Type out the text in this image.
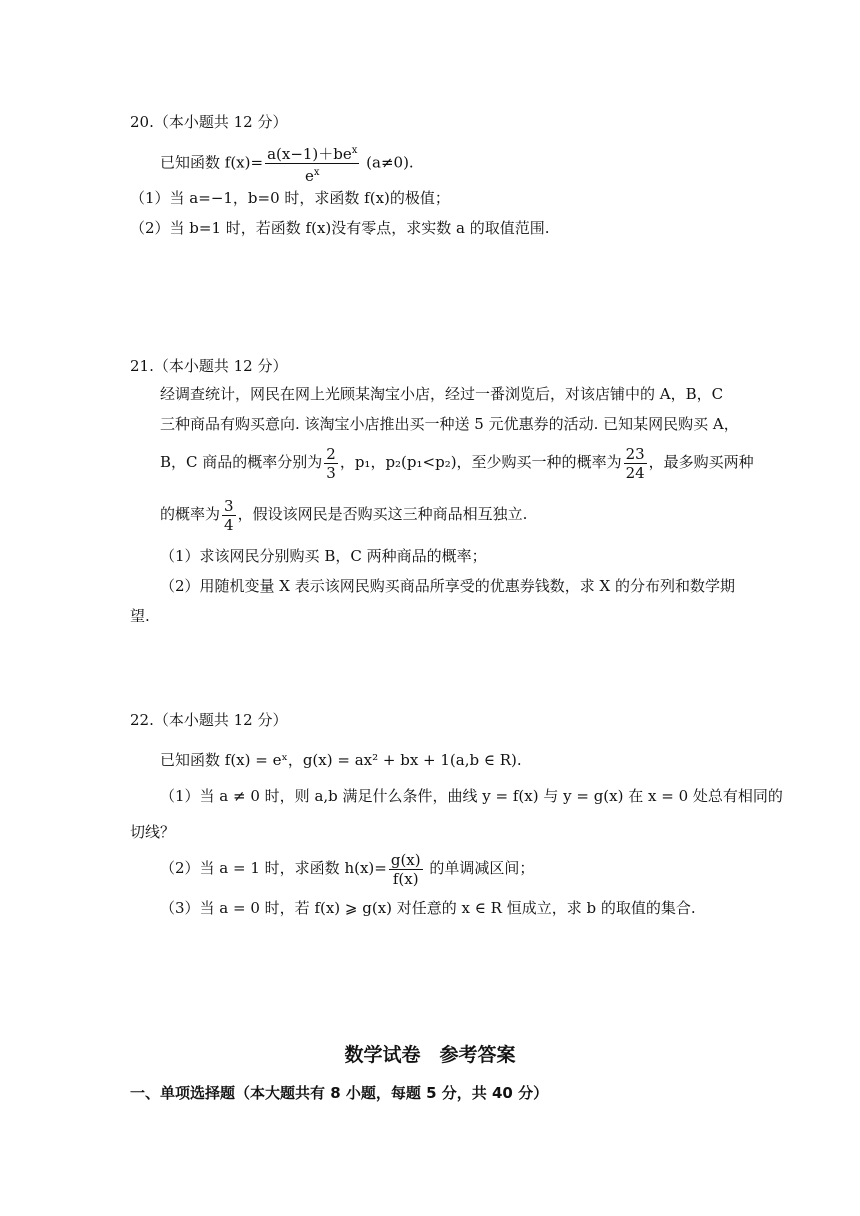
20.（本小题共 12 分）
已知函数 $f(x)= \frac{a(x-1)+be^x}{e^x} (a\ne 0)$.
（1）当 a=−1，b=0 时，求函数 f(x)的极值；
（2）当 b=1 时，若函数 f(x)没有零点，求实数 a 的取值范围.
21.（本小题共 12 分）
经调查统计，网民在网上光顾某淘宝小店，经过一番浏览后，对该店铺中的 A，B，C
三种商品有购买意向. 该淘宝小店推出买一种送 5 元优惠券的活动. 已知某网民购买 A，
B，C 商品的概率分别为 $\frac{2}{3}$ ，p₁，p₂(p₁<p₂)，至少购买一种的概率为 $\frac{23}{24}$ ，最多购买两种
的概率为 $\frac{3}{4}$ ，假设该网民是否购买这三种商品相互独立.
（1）求该网民分别购买 B，C 两种商品的概率；
（2）用随机变量 X 表示该网民购买商品所享受的优惠券钱数，求 X 的分布列和数学期
望.
22.（本小题共 12 分）
已知函数 f(x) = eˣ，g(x) = ax² + bx + 1(a,b ∈ R).
（1）当 a ≠ 0 时，则 a,b 满足什么条件，曲线 y = f(x) 与 y = g(x) 在 x = 0 处总有相同的
切线？
（2）当 a = 1 时，求函数 $h(x)= \frac{g(x)}{f(x)}$ 的单调减区间；
（3）当 a = 0 时，若 f(x) ⩾ g(x) 对任意的 x ∈ R 恒成立，求 b 的取值的集合.
数学试卷　参考答案
一、单项选择题（本大题共有 8 小题，每题 5 分，共 40 分）
